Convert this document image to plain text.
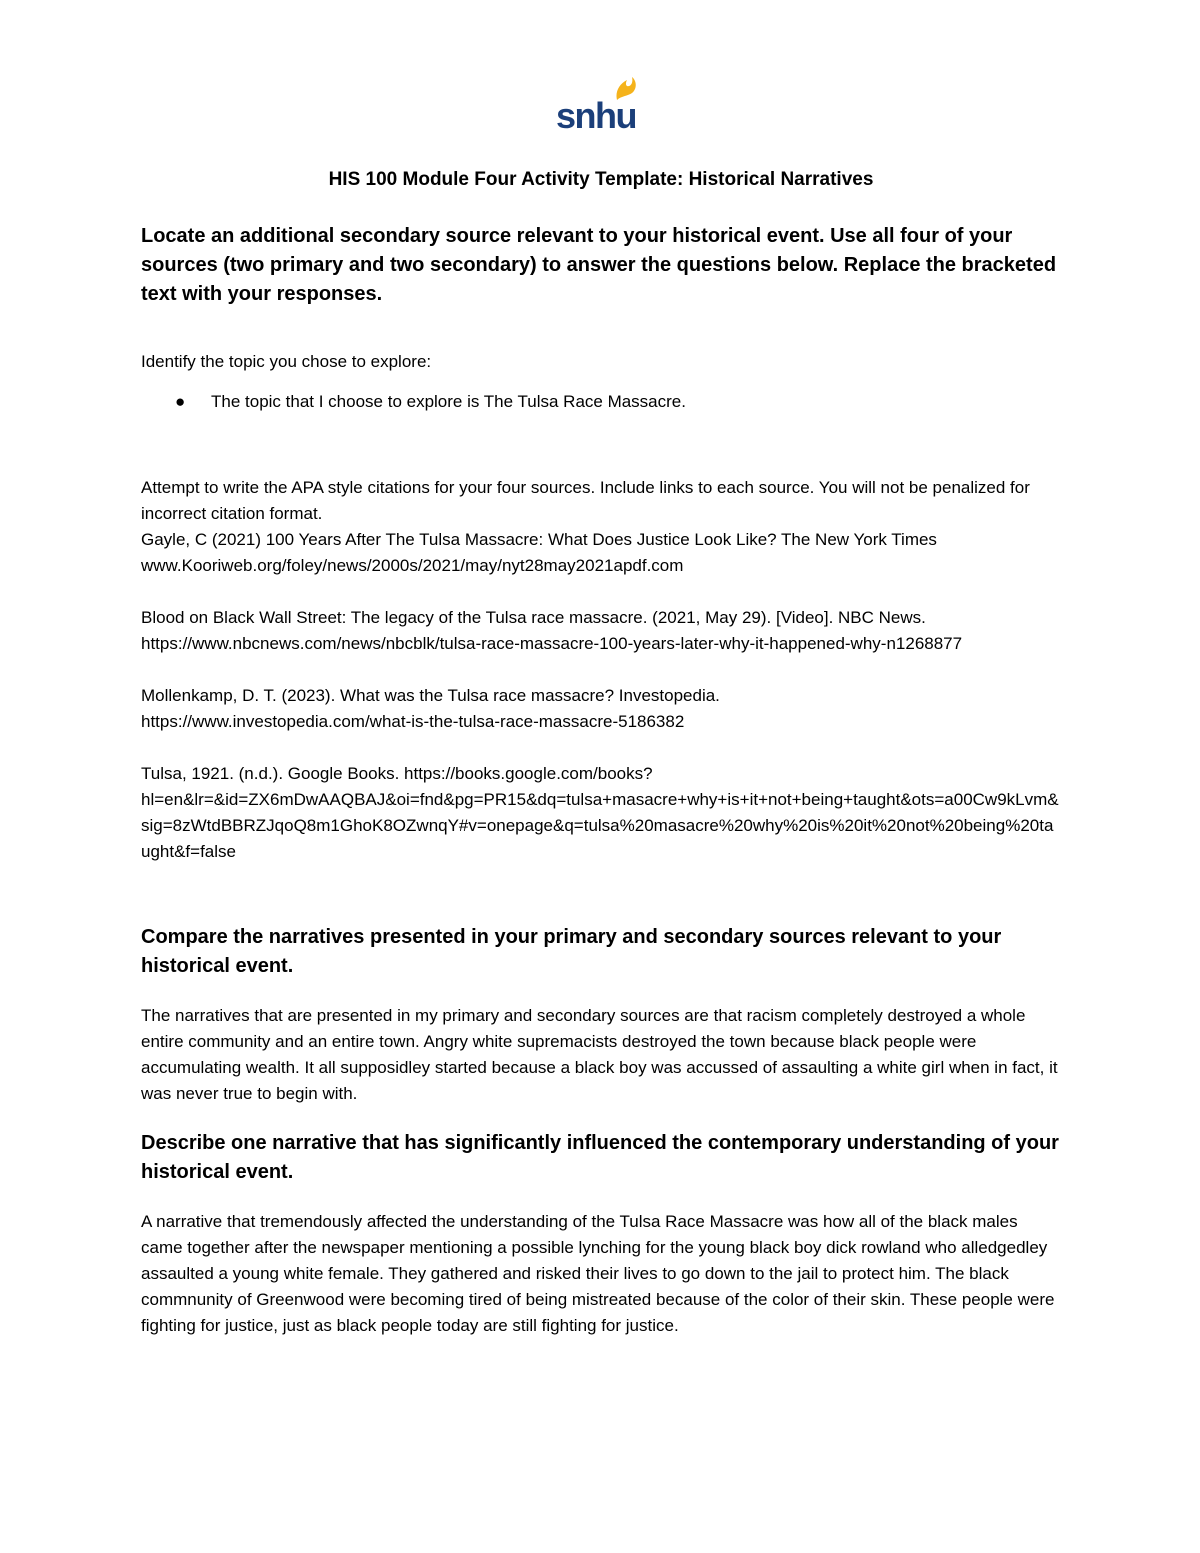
snhu
HIS 100 Module Four Activity Template: Historical Narratives

Locate an additional secondary source relevant to your historical event. Use all four of your sources (two primary and two secondary) to answer the questions below. Replace the bracketed text with your responses.

Identify the topic you chose to explore:

● The topic that I choose to explore is The Tulsa Race Massacre.

Attempt to write the APA style citations for your four sources. Include links to each source. You will not be penalized for incorrect citation format.

Gayle, C (2021) 100 Years After The Tulsa Massacre: What Does Justice Look Like? The New York Times
www.Kooriweb.org/foley/news/2000s/2021/may/nyt28may2021apdf.com

Blood on Black Wall Street: The legacy of the Tulsa race massacre. (2021, May 29). [Video]. NBC News.
https://www.nbcnews.com/news/nbcblk/tulsa-race-massacre-100-years-later-why-it-happened-why-n1268877

Mollenkamp, D. T. (2023). What was the Tulsa race massacre? Investopedia.
https://www.investopedia.com/what-is-the-tulsa-race-massacre-5186382

Tulsa, 1921. (n.d.). Google Books. https://books.google.com/books?hl=en&lr=&id=ZX6mDwAAQBAJ&oi=fnd&pg=PR15&dq=tulsa+masacre+why+is+it+not+being+taught&ots=a00Cw9kLvm&sig=8zWtdBBRZJqoQ8m1GhoK8OZwnqY#v=onepage&q=tulsa%20masacre%20why%20is%20it%20not%20being%20taught&f=false

Compare the narratives presented in your primary and secondary sources relevant to your historical event.

The narratives that are presented in my primary and secondary sources are that racism completely destroyed a whole entire community and an entire town. Angry white supremacists destroyed the town because black people were accumulating wealth. It all supposidley started because a black boy was accussed of assaulting a white girl when in fact, it was never true to begin with.

Describe one narrative that has significantly influenced the contemporary understanding of your historical event.

A narrative that tremendously affected the understanding of the Tulsa Race Massacre was how all of the black males came together after the newspaper mentioning a possible lynching for the young black boy dick rowland who alledgedley assaulted a young white female. They gathered and risked their lives to go down to the jail to protect him. The black commnunity of Greenwood were becoming tired of being mistreated because of the color of their skin. These people were fighting for justice, just as black people today are still fighting for justice.
